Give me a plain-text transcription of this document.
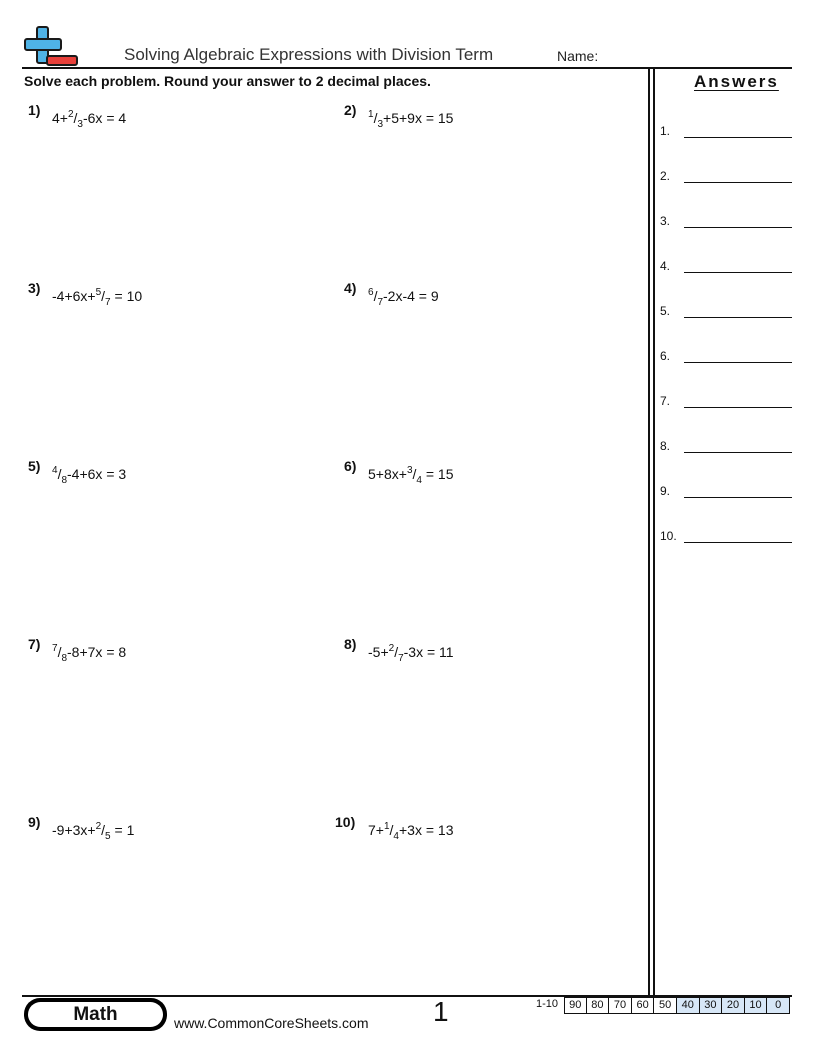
Solving Algebraic Expressions with Division Term	Name:
Solve each problem. Round your answer to 2 decimal places.
1) $4+^2/_3-6x = 4$	2) $^1/_3+5+9x = 15$
3) $-4+6x+^5/_7 = 10$	4) $^6/_7-2x-4 = 9$
5) $^4/_8-4+6x = 3$	6) $5+8x+^3/_4 = 15$
7) $^7/_8-8+7x = 8$	8) $-5+^2/_7-3x = 11$
9) $-9+3x+^2/_5 = 1$	10) $7+^1/_4+3x = 13$
Answers
1.
2.
3.
4.
5.
6.
7.
8.
9.
10.
Math	www.CommonCoreSheets.com 1	1-10	90 80 70 60 50 40 30 20 10	0
